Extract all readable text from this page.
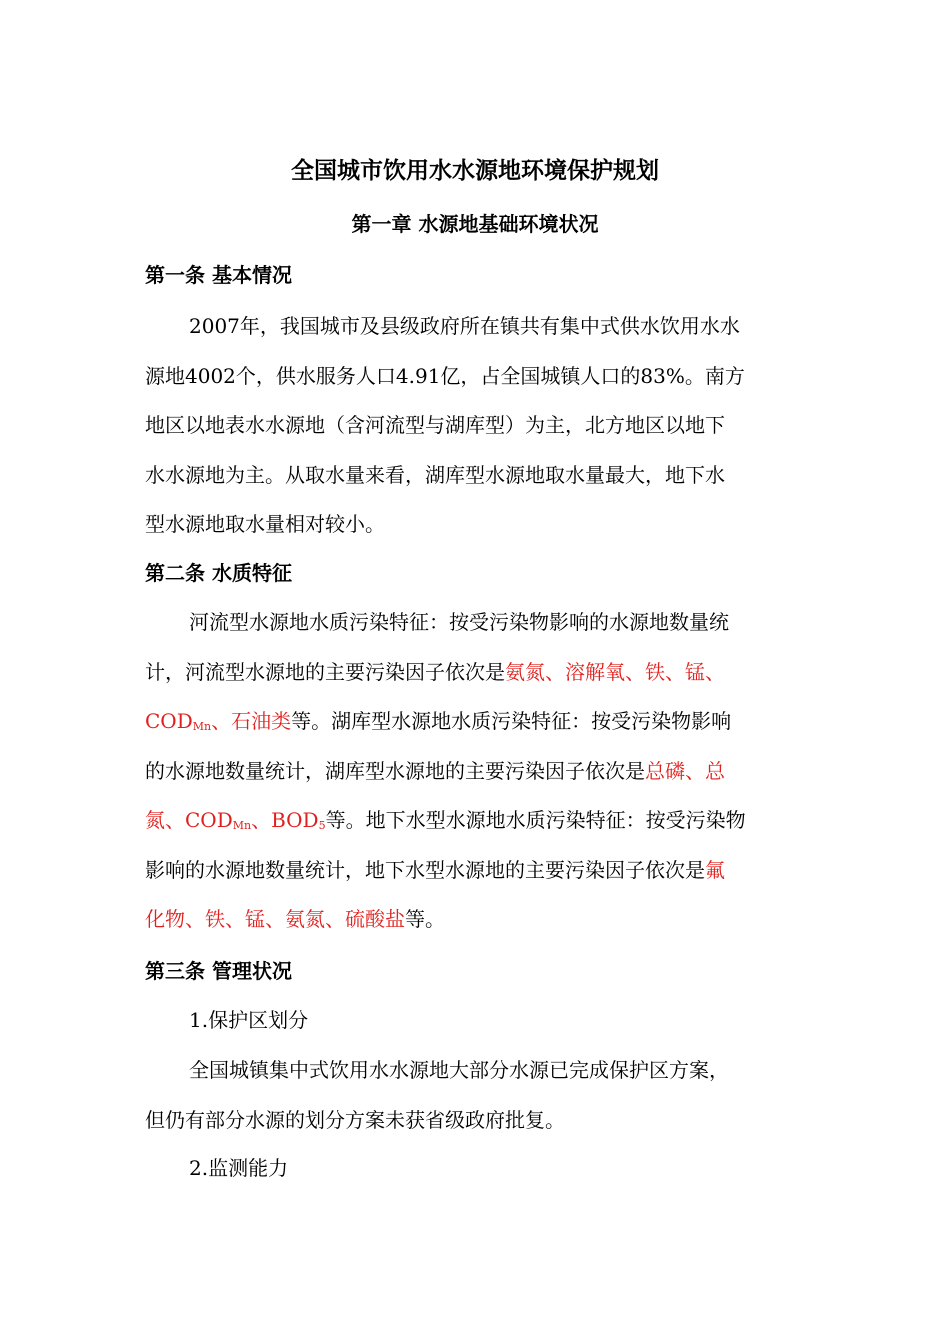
全国城市饮用水水源地环境保护规划
第一章 水源地基础环境状况
第一条 基本情况
2007年，我国城市及县级政府所在镇共有集中式供水饮用水水
源地4002个，供水服务人口4.91亿，占全国城镇人口的83%。南方
地区以地表水水源地（含河流型与湖库型）为主，北方地区以地下
水水源地为主。从取水量来看，湖库型水源地取水量最大，地下水
型水源地取水量相对较小。
第二条 水质特征
河流型水源地水质污染特征：按受污染物影响的水源地数量统
计，河流型水源地的主要污染因子依次是氨氮、溶解氧、铁、锰、
$COD_{Mn}$、石油类等。湖库型水源地水质污染特征：按受污染物影响
的水源地数量统计，湖库型水源地的主要污染因子依次是总磷、总
氮、$COD_{Mn}$、$BOD_5$等。地下水型水源地水质污染特征：按受污染物
影响的水源地数量统计，地下水型水源地的主要污染因子依次是氟
化物、铁、锰、氨氮、硫酸盐等。
第三条 管理状况
1.保护区划分
全国城镇集中式饮用水水源地大部分水源已完成保护区方案，
但仍有部分水源的划分方案未获省级政府批复。
2.监测能力
